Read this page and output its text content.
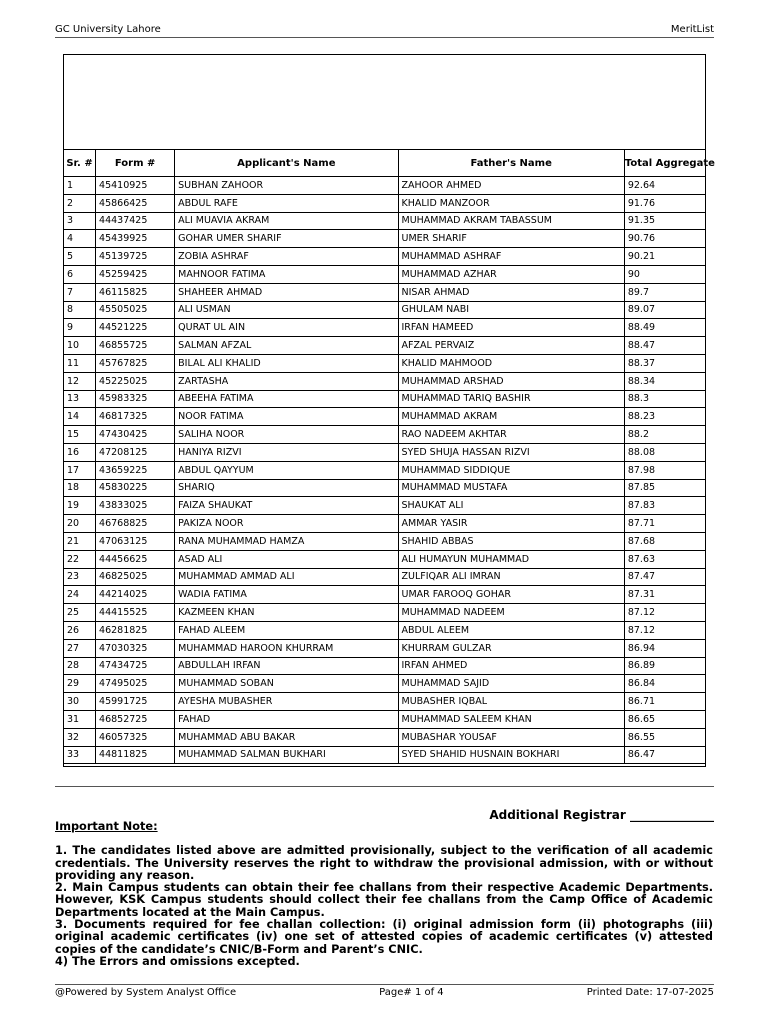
GC University Lahore	MeritList
Sr. #	Form #	Applicant's Name	Father's Name	Total Aggregate
1	45410925	SUBHAN ZAHOOR	ZAHOOR AHMED	92.64
2	45866425	ABDUL RAFE	KHALID MANZOOR	91.76
3	44437425	ALI MUAVIA AKRAM	MUHAMMAD AKRAM TABASSUM	91.35
4	45439925	GOHAR UMER SHARIF	UMER SHARIF	90.76
5	45139725	ZOBIA ASHRAF	MUHAMMAD ASHRAF	90.21
6	45259425	MAHNOOR FATIMA	MUHAMMAD AZHAR	90
7	46115825	SHAHEER AHMAD	NISAR AHMAD	89.7
8	45505025	ALI USMAN	GHULAM NABI	89.07
9	44521225	QURAT UL AIN	IRFAN HAMEED	88.49
10	46855725	SALMAN AFZAL	AFZAL PERVAIZ	88.47
11	45767825	BILAL ALI KHALID	KHALID MAHMOOD	88.37
12	45225025	ZARTASHA	MUHAMMAD ARSHAD	88.34
13	45983325	ABEEHA FATIMA	MUHAMMAD TARIQ BASHIR	88.3
14	46817325	NOOR FATIMA	MUHAMMAD AKRAM	88.23
15	47430425	SALIHA NOOR	RAO NADEEM AKHTAR	88.2
16	47208125	HANIYA RIZVI	SYED SHUJA HASSAN RIZVI	88.08
17	43659225	ABDUL QAYYUM	MUHAMMAD SIDDIQUE	87.98
18	45830225	SHARIQ	MUHAMMAD MUSTAFA	87.85
19	43833025	FAIZA SHAUKAT	SHAUKAT ALI	87.83
20	46768825	PAKIZA NOOR	AMMAR YASIR	87.71
21	47063125	RANA MUHAMMAD HAMZA	SHAHID ABBAS	87.68
22	44456625	ASAD ALI	ALI HUMAYUN MUHAMMAD	87.63
23	46825025	MUHAMMAD AMMAD ALI	ZULFIQAR ALI IMRAN	87.47
24	44214025	WADIA FATIMA	UMAR FAROOQ GOHAR	87.31
25	44415525	KAZMEEN KHAN	MUHAMMAD NADEEM	87.12
26	46281825	FAHAD ALEEM	ABDUL ALEEM	87.12
27	47030325	MUHAMMAD HAROON KHURRAM	KHURRAM GULZAR	86.94
28	47434725	ABDULLAH IRFAN	IRFAN AHMED	86.89
29	47495025	MUHAMMAD SOBAN	MUHAMMAD SAJID	86.84
30	45991725	AYESHA MUBASHER	MUBASHER IQBAL	86.71
31	46852725	FAHAD	MUHAMMAD SALEEM KHAN	86.65
32	46057325	MUHAMMAD ABU BAKAR	MUBASHAR YOUSAF	86.55
33	44811825	MUHAMMAD SALMAN BUKHARI	SYED SHAHID HUSNAIN BOKHARI	86.47
Additional Registrar ______________
Important Note:

1. The candidates listed above are admitted provisionally, subject to the verification of all academic credentials. The University reserves the right to withdraw the provisional admission, with or without providing any reason.

2. Main Campus students can obtain their fee challans from their respective Academic Departments. However, KSK Campus students should collect their fee challans from the Camp Office of Academic Departments located at the Main Campus.

3. Documents required for fee challan collection: (i) original admission form (ii) photographs (iii) original academic certificates (iv) one set of attested copies of academic certificates (v) attested copies of the candidate’s CNIC/B-Form and Parent’s CNIC.

4) The Errors and omissions excepted.

@Powered by System Analyst Office	Page# 1 of 4	Printed Date: 17-07-2025
